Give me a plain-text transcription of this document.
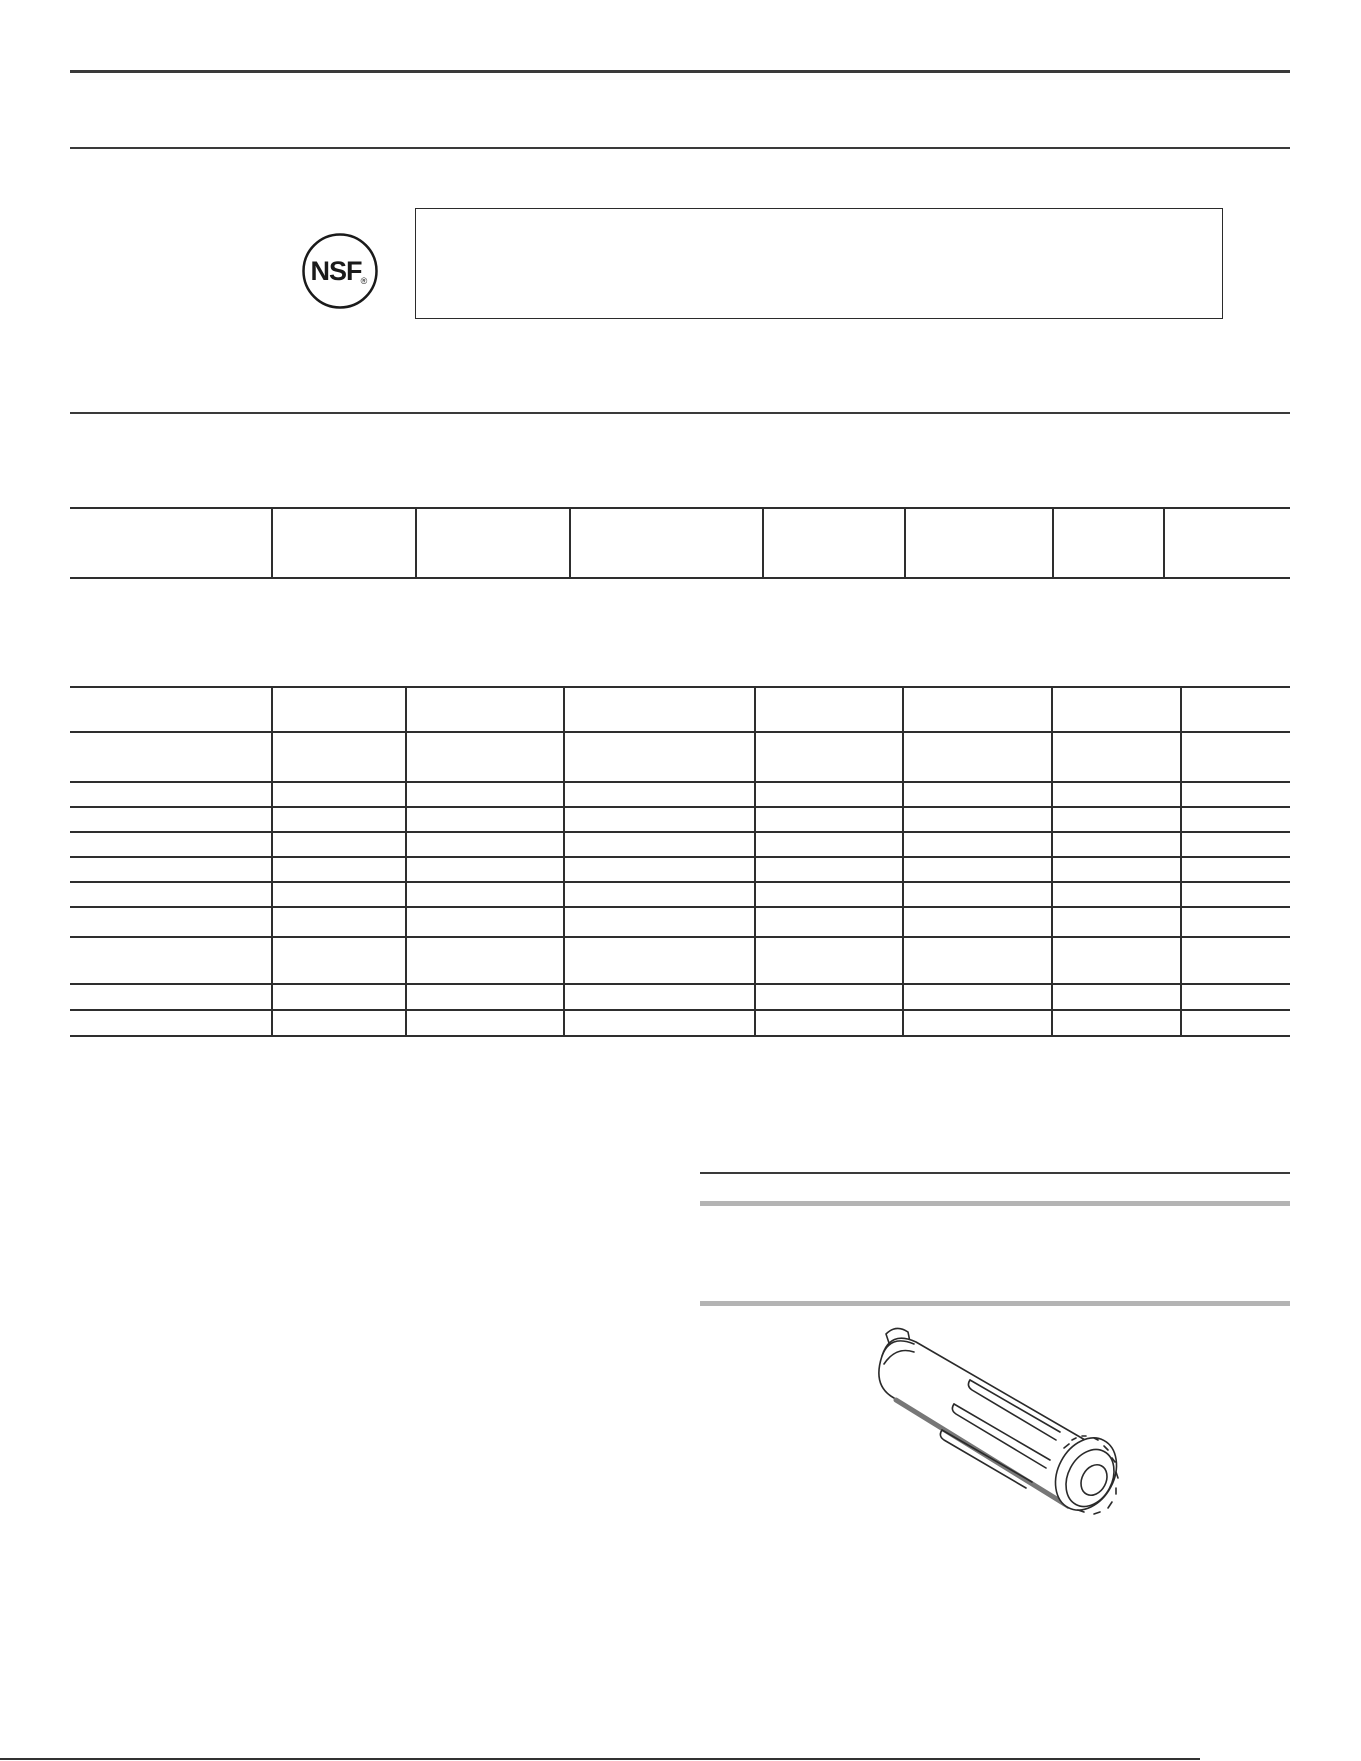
NSF ®
